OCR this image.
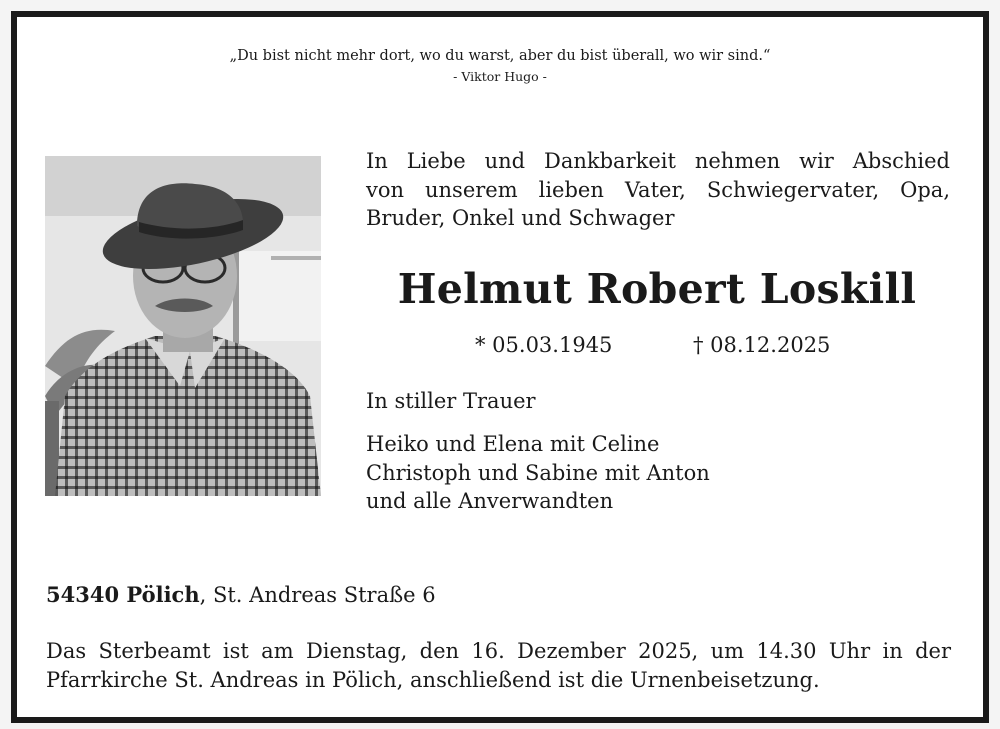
„Du bist nicht mehr dort, wo du warst, aber du bist überall, wo wir sind.“
- Viktor Hugo -
In Liebe und Dankbarkeit nehmen wir Abschied
von unserem lieben Vater, Schwiegervater, Opa,
Bruder, Onkel und Schwager
Helmut Robert Loskill
* 05.03.1945	† 08.12.2025
In stiller Trauer
Heiko und Elena mit Celine
Christoph und Sabine mit Anton
und alle Anverwandten
54340 Pölich, St. Andreas Straße 6
Das Sterbeamt ist am Dienstag, den 16. Dezember 2025, um 14.30 Uhr in der
Pfarrkirche St. Andreas in Pölich, anschließend ist die Urnenbeisetzung.
